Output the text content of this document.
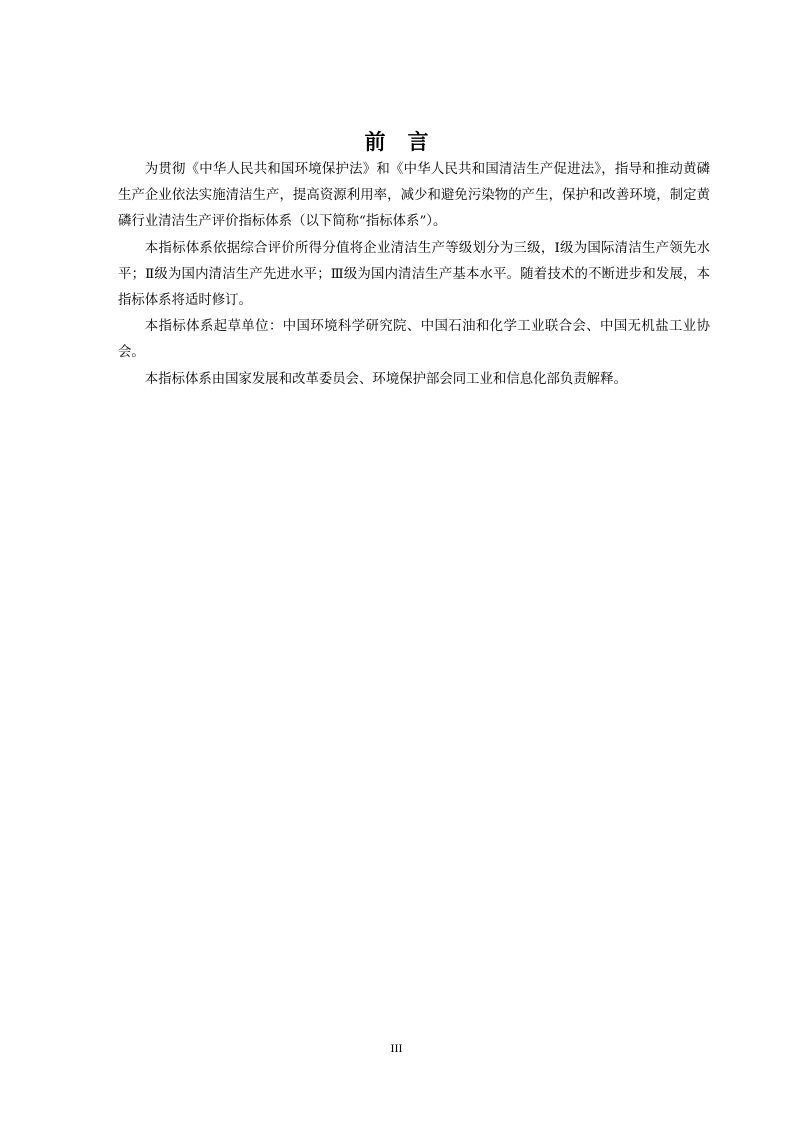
前言

为贯彻《中华人民共和国环境保护法》和《中华人民共和国清洁生产促进法》，指导和推动黄磷生产企业依法实施清洁生产，提高资源利用率，减少和避免污染物的产生，保护和改善环境，制定黄磷行业清洁生产评价指标体系（以下简称“指标体系”）。

本指标体系依据综合评价所得分值将企业清洁生产等级划分为三级，Ⅰ级为国际清洁生产领先水平；Ⅱ级为国内清洁生产先进水平；Ⅲ级为国内清洁生产基本水平。随着技术的不断进步和发展，本指标体系将适时修订。

本指标体系起草单位：中国环境科学研究院、中国石油和化学工业联合会、中国无机盐工业协会。

本指标体系由国家发展和改革委员会、环境保护部会同工业和信息化部负责解释。

III
